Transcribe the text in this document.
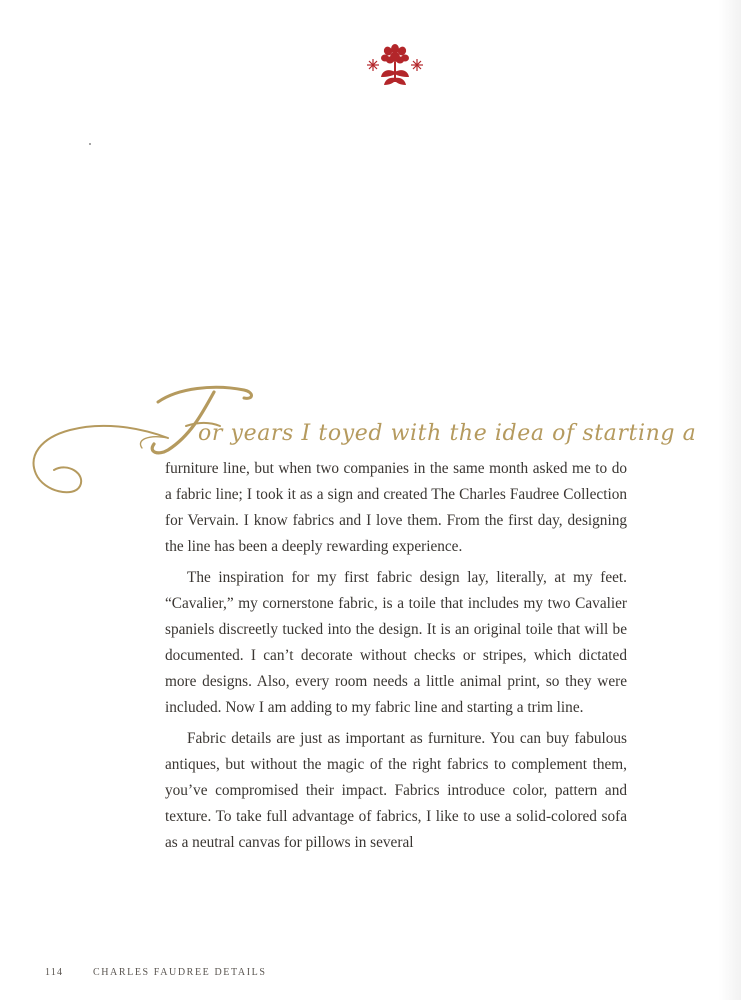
F
or years I toyed with the idea of starting a

furniture line, but when two companies in the same month asked me to do a fabric line; I took it as a sign and created The Charles Faudree Collection for Vervain. I know fabrics and I love them. From the first day, designing the line has been a deeply rewarding experience.

The inspiration for my first fabric design lay, literally, at my feet. “Cavalier,” my cornerstone fabric, is a toile that includes my two Cavalier spaniels discreetly tucked into the design. It is an original toile that will be documented. I can’t decorate without checks or stripes, which dictated more designs. Also, every room needs a little animal print, so they were included. Now I am adding to my fabric line and starting a trim line.

Fabric details are just as important as furniture. You can buy fabulous antiques, but without the magic of the right fabrics to complement them, you’ve compromised their impact. Fabrics introduce color, pattern and texture. To take full advantage of fabrics, I like to use a solid-colored sofa as a neutral canvas for pillows in several

114	CHARLES FAUDREE DETAILS
